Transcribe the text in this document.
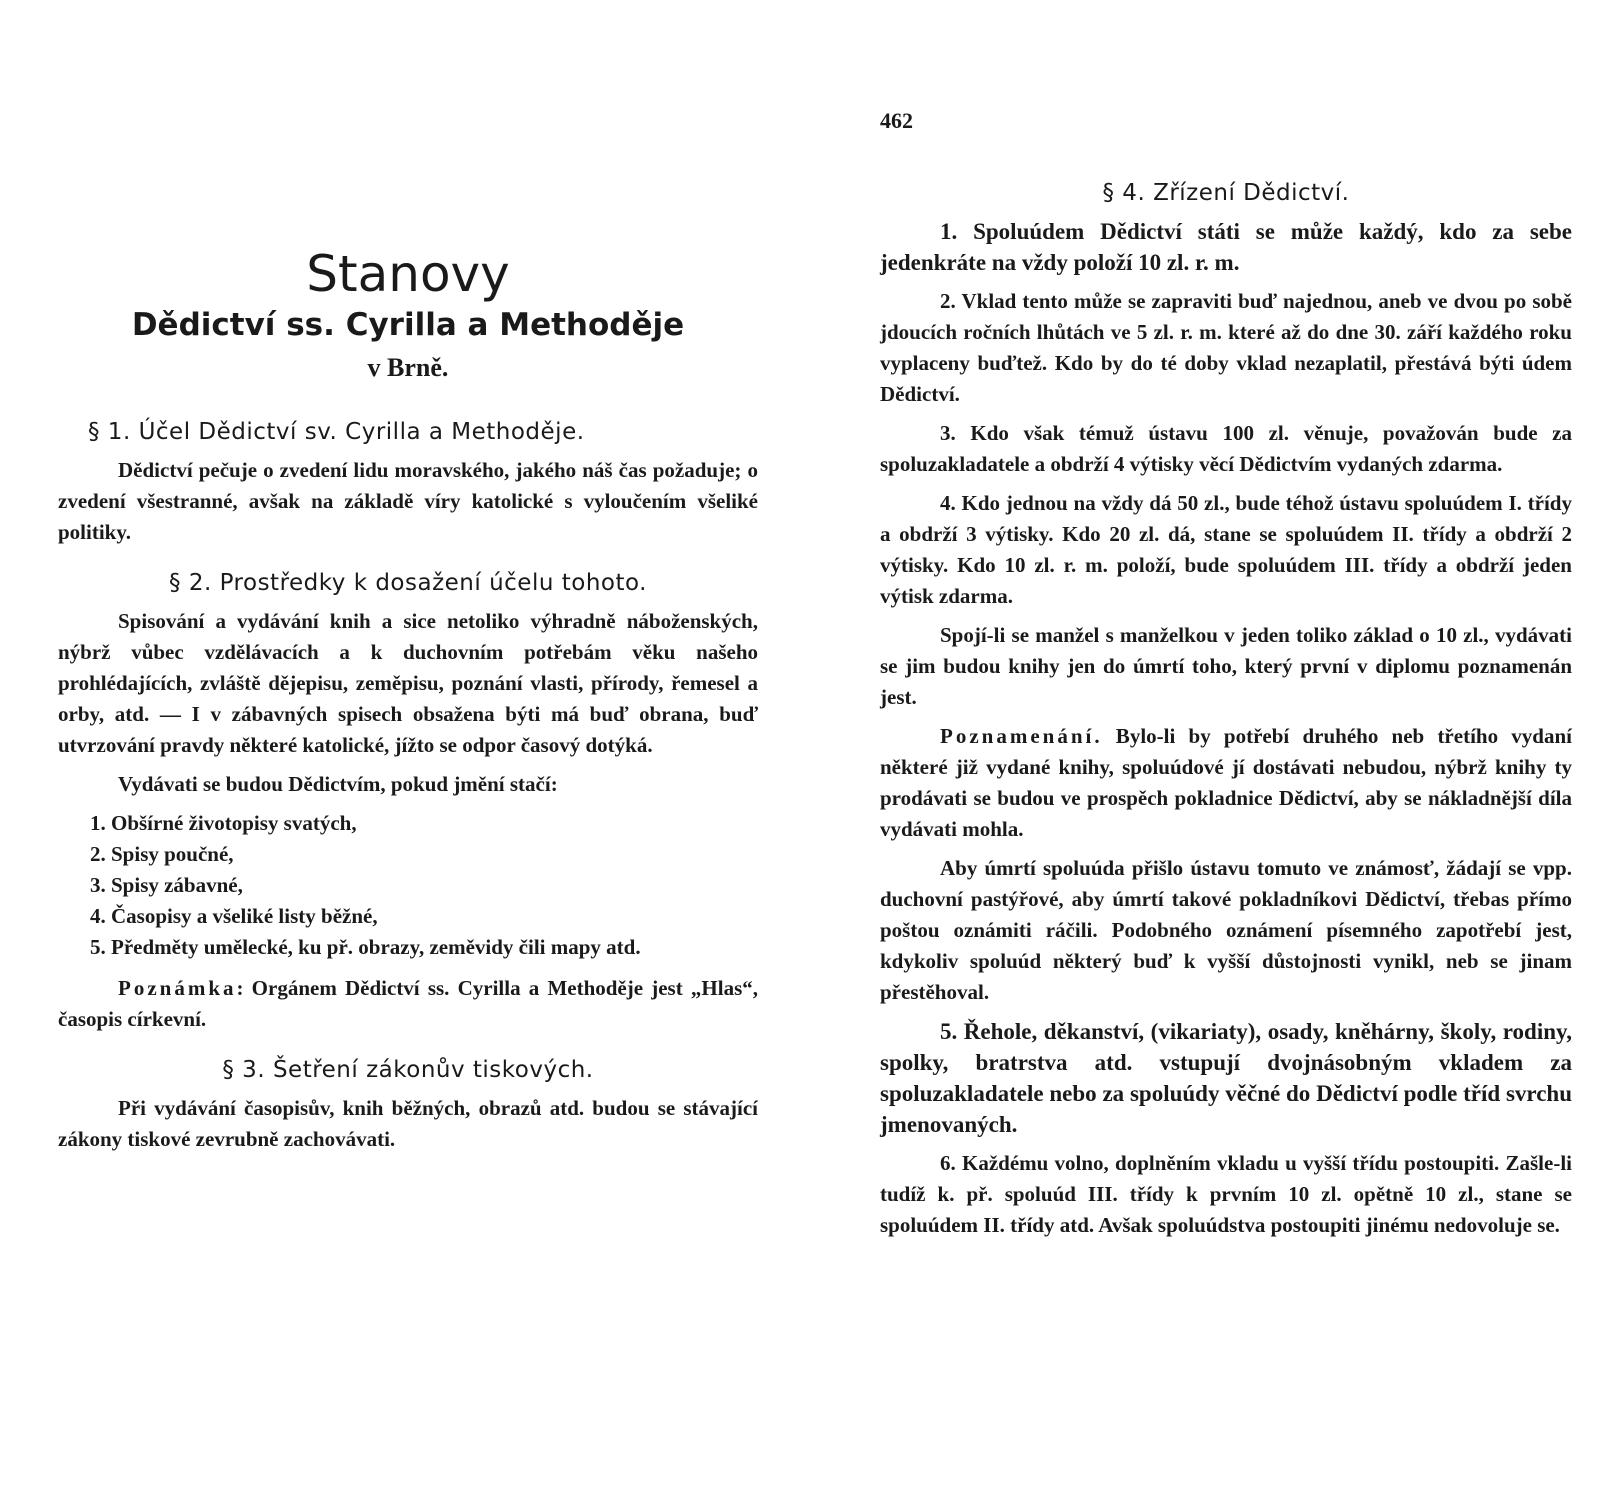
462
Stanovy
Dědictví ss. Cyrilla a Methoděje
v Brně.
§ 1. Účel Dědictví sv. Cyrilla a Methoděje.

Dědictví pečuje o zvedení lidu moravského, jakého náš čas požaduje; o zvedení všestranné, avšak na základě víry katolické s vyloučením všeliké politiky.

§ 2. Prostředky k dosažení účelu tohoto.

Spisování a vydávání knih a sice netoliko výhradně náboženských, nýbrž vůbec vzdělávacích a k duchovním potřebám věku našeho prohlédajících, zvláště dějepisu, zeměpisu, poznání vlasti, přírody, řemesel a orby, atd. — I v zábavných spisech obsažena býti má buď obrana, buď utvrzování pravdy některé katolické, jížto se odpor časový dotýká.

Vydávati se budou Dědictvím, pokud jmění stačí:

1. Obšírné životopisy svatých,
2. Spisy poučné,
3. Spisy zábavné,
4. Časopisy a všeliké listy běžné,
5. Předměty umělecké, ku př. obrazy, zeměvidy čili mapy atd.

Poznámka: Orgánem Dědictví ss. Cyrilla a Methoděje jest „Hlas“, časopis církevní.

§ 3. Šetření zákonův tiskových.

Při vydávání časopisův, knih běžných, obrazů atd. budou se stávající zákony tiskové zevrubně zachovávati.

§ 4. Zřízení Dědictví.

1. Spoluúdem Dědictví státi se může každý, kdo za sebe jedenkráte na vždy položí 10 zl. r. m.

2. Vklad tento může se zapraviti buď najednou, aneb ve dvou po sobě jdoucích ročních lhůtách ve 5 zl. r. m. které až do dne 30. září každého roku vyplaceny buďtež. Kdo by do té doby vklad nezaplatil, přestává býti údem Dědictví.

3. Kdo však témuž ústavu 100 zl. věnuje, považován bude za spoluzakladatele a obdrží 4 výtisky věcí Dědictvím vydaných zdarma.

4. Kdo jednou na vždy dá 50 zl., bude téhož ústavu spoluúdem I. třídy a obdrží 3 výtisky. Kdo 20 zl. dá, stane se spoluúdem II. třídy a obdrží 2 výtisky. Kdo 10 zl. r. m. položí, bude spoluúdem III. třídy a obdrží jeden výtisk zdarma.

Spojí-li se manžel s manželkou v jeden toliko základ o 10 zl., vydávati se jim budou knihy jen do úmrtí toho, který první v diplomu poznamenán jest.

Poznamenání. Bylo-li by potřebí druhého neb třetího vydaní některé již vydané knihy, spoluúdové jí dostávati nebudou, nýbrž knihy ty prodávati se budou ve prospěch pokladnice Dědictví, aby se nákladnější díla vydávati mohla.

Aby úmrtí spoluúda přišlo ústavu tomuto ve známosť, žádají se vpp. duchovní pastýřové, aby úmrtí takové pokladníkovi Dědictví, třebas přímo poštou oznámiti ráčili. Podobného oznámení písemného zapotřebí jest, kdykoliv spoluúd některý buď k vyšší důstojnosti vynikl, neb se jinam přestěhoval.

5. Řehole, děkanství, (vikariaty), osady, kněhárny, školy, rodiny, spolky, bratrstva atd. vstupují dvojnásobným vkladem za spoluzakladatele nebo za spoluúdy věčné do Dědictví podle tříd svrchu jmenovaných.

6. Každému volno, doplněním vkladu u vyšší třídu postoupiti. Zašle-li tudíž k. př. spoluúd III. třídy k prvním 10 zl. opětně 10 zl., stane se spoluúdem II. třídy atd. Avšak spoluúdstva postoupiti jinému nedovoluje se.
